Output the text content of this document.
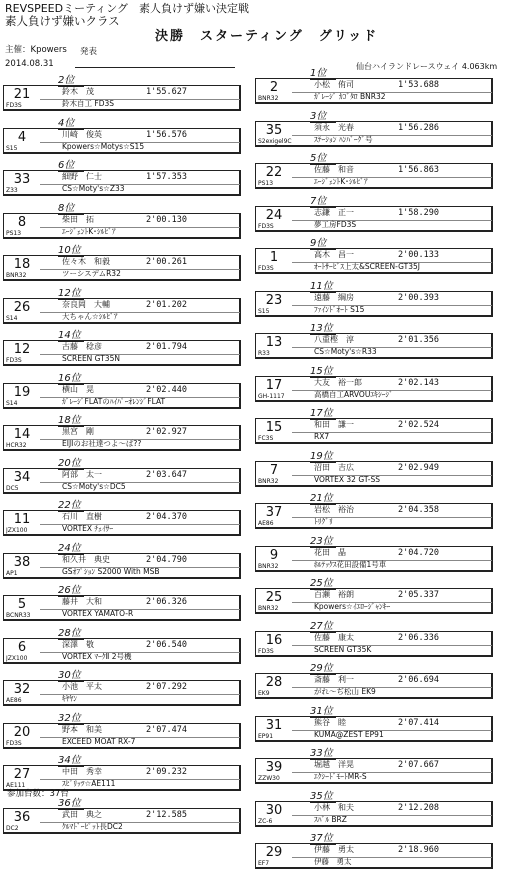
REVSPEEDミーティング　素人負けず嫌い決定戦
素人負けず嫌いクラス
決勝　スターティング　グリッド
主催：Kpowers 発表
2014.08.31	仙台ハイランドレースウェイ 4.063km
2位
21
FD3S
鈴木　茂	1'55.627
鈴木自工 FD3S
4位
4
S15
川崎　俊英	1'56.576
Kpowers☆Motys☆S15
6位
33
Z33
細野　仁士	1'57.353
CS☆Moty's☆Z33
8位
8
PS13
柴田　拓	2'00.130
ｴｰｼﾞｪﾝﾄK･ｼﾙﾋﾞｱ
10位
18
BNR32
佐々木　和毅	2'00.261
ツーシスデムR32
12位
26
S14
奈良岡　大輔	2'01.202
大ちゃん☆ｼﾙﾋﾞｱ
14位
12
FD3S
古藤　稔彦	2'01.794
SCREEN GT35N
16位
19
S14
横山　晃	2'02.440
ｶﾞﾚｰｼﾞFLATのﾊｲﾊﾟｰｵﾚﾝｼﾞFLAT
18位
14
HCR32
黒宮　剛	2'02.927
EIJIのお社達つよ〜ぱ??
20位
34
DC5
阿部　太一	2'03.647
CS☆Moty's☆DC5
22位
11
JZX100
石川　直樹	2'04.370
VORTEX ﾁｪｲｻｰ
24位
38
AP1
和久井　典史	2'04.790
GSｵﾌﾟｼｮﾝ S2000 With MSB
26位
5
BCNR33
藤井　大和	2'06.326
VORTEX YAMATO-R
28位
6
JZX100
深澤　敬	2'06.540
VORTEX ﾏｰｸⅡ 2号機
30位
32
AE86
小池　平太	2'07.292
ｷﾔﾔﾝ
32位
20
FD3S
野本　和美	2'07.474
EXCEED MOAT RX-7
34位
27
AE111
中田　秀幸	2'09.232
ｽﾋﾟﾘｯﾂ☆AE111
36位
36
DC2
武田　典之	2'12.585
ｸﾙﾏﾄﾞｰﾋﾟｯﾄ長DC2
1位
2
BNR32
小松　侑司	1'53.688
ｶﾞﾚｰｼﾞ ｶｺﾞﾀﾛ BNR32
3位
35
S2exigel9C
須永　光春	1'56.286
ｽﾃｰｼｮﾝ ﾊﾝﾊﾞｰｸﾞ号
5位
22
PS13
佐藤　和音	1'56.863
ｴｰｼﾞｪﾝﾄK･ｼﾙﾋﾞｱ
7位
24
FD3S
志鎌　正一	1'58.290
夢工房FD3S
9位
1
FD3S
高木　昌一	2'00.133
ｵｰﾄｻｰﾋﾞｽ上太&SCREEN-GT35J
11位
23
S15
遠藤　綱房	2'00.393
ﾌｧｲﾝﾄﾞｵｰﾄ S15
13位
13
R33
八重樫　淳	2'01.356
CS☆Moty's☆R33
15位
17
GH-1117
大友　裕一郎	2'02.143
高橋自工ARVOUｴｷｼｰｼﾞ
17位
15
FC3S
和田　謙一	2'02.524
RX7
19位
7
BNR32
沼田　吉広	2'02.949
VORTEX 32 GT-SS
21位
37
AE86
岩松　裕治	2'04.358
ﾄﾘｸﾞﾘ
23位
9
BNR32
花田　晶	2'04.720
ﾎﾙﾃｯｸｽ花田設備1号車
25位
25
BNR32
百瀬　裕朗	2'05.337
Kpowers☆ｲｴﾛｰｼﾞｬﾝｷｰ
27位
16
FD3S
佐藤　康太	2'06.336
SCREEN GT35K
29位
28
EK9
斎藤　利一	2'06.694
がれ〜ぢ松山 EK9
31位
31
EP91
熊谷　睦	2'07.414
KUMA@ZEST EP91
33位
39
ZZW30
堀越　洋晃	2'07.667
ｴｸｼｰﾄﾞﾓｰﾄMR-S
35位
30
ZC-6
小林　和夫	2'12.208
ｽﾊﾞﾙ BRZ
37位
29
EF7
伊藤　勇太	2'18.960
伊藤　勇太
参加台数：37台
